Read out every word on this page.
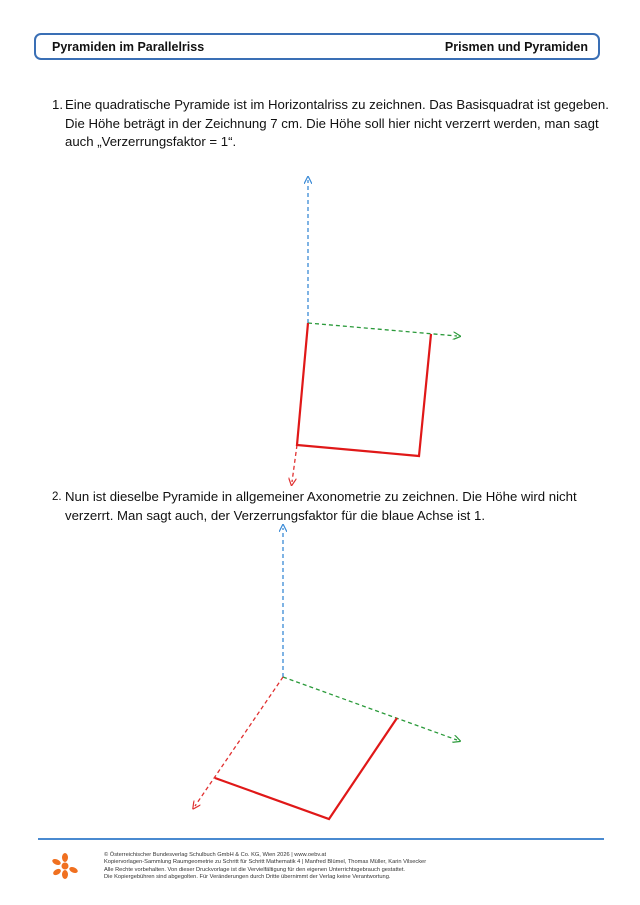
Pyramiden im Parallelriss	Prismen und Pyramiden
1. Eine quadratische Pyramide ist im Horizontalriss zu zeichnen. Das Basisquadrat ist gegeben.
Die Höhe beträgt in der Zeichnung 7 cm. Die Höhe soll hier nicht verzerrt werden, man sagt
auch „Verzerrungsfaktor = 1“.
2. Nun ist dieselbe Pyramide in allgemeiner Axonometrie zu zeichnen. Die Höhe wird nicht
verzerrt. Man sagt auch, der Verzerrungsfaktor für die blaue Achse ist 1.
© Österreichischer Bundesverlag Schulbuch GmbH & Co. KG, Wien 2026 | www.oebv.at
Kopiervorlagen-Sammlung Raumgeometrie zu Schritt für Schritt Mathematik 4 | Manfred Blümel, Thomas Müller, Karin Vilsecker
Alle Rechte vorbehalten. Von dieser Druckvorlage ist die Vervielfältigung für den eigenen Unterrichtsgebrauch gestattet.
Die Kopiergebühren sind abgegolten. Für Veränderungen durch Dritte übernimmt der Verlag keine Verantwortung.
